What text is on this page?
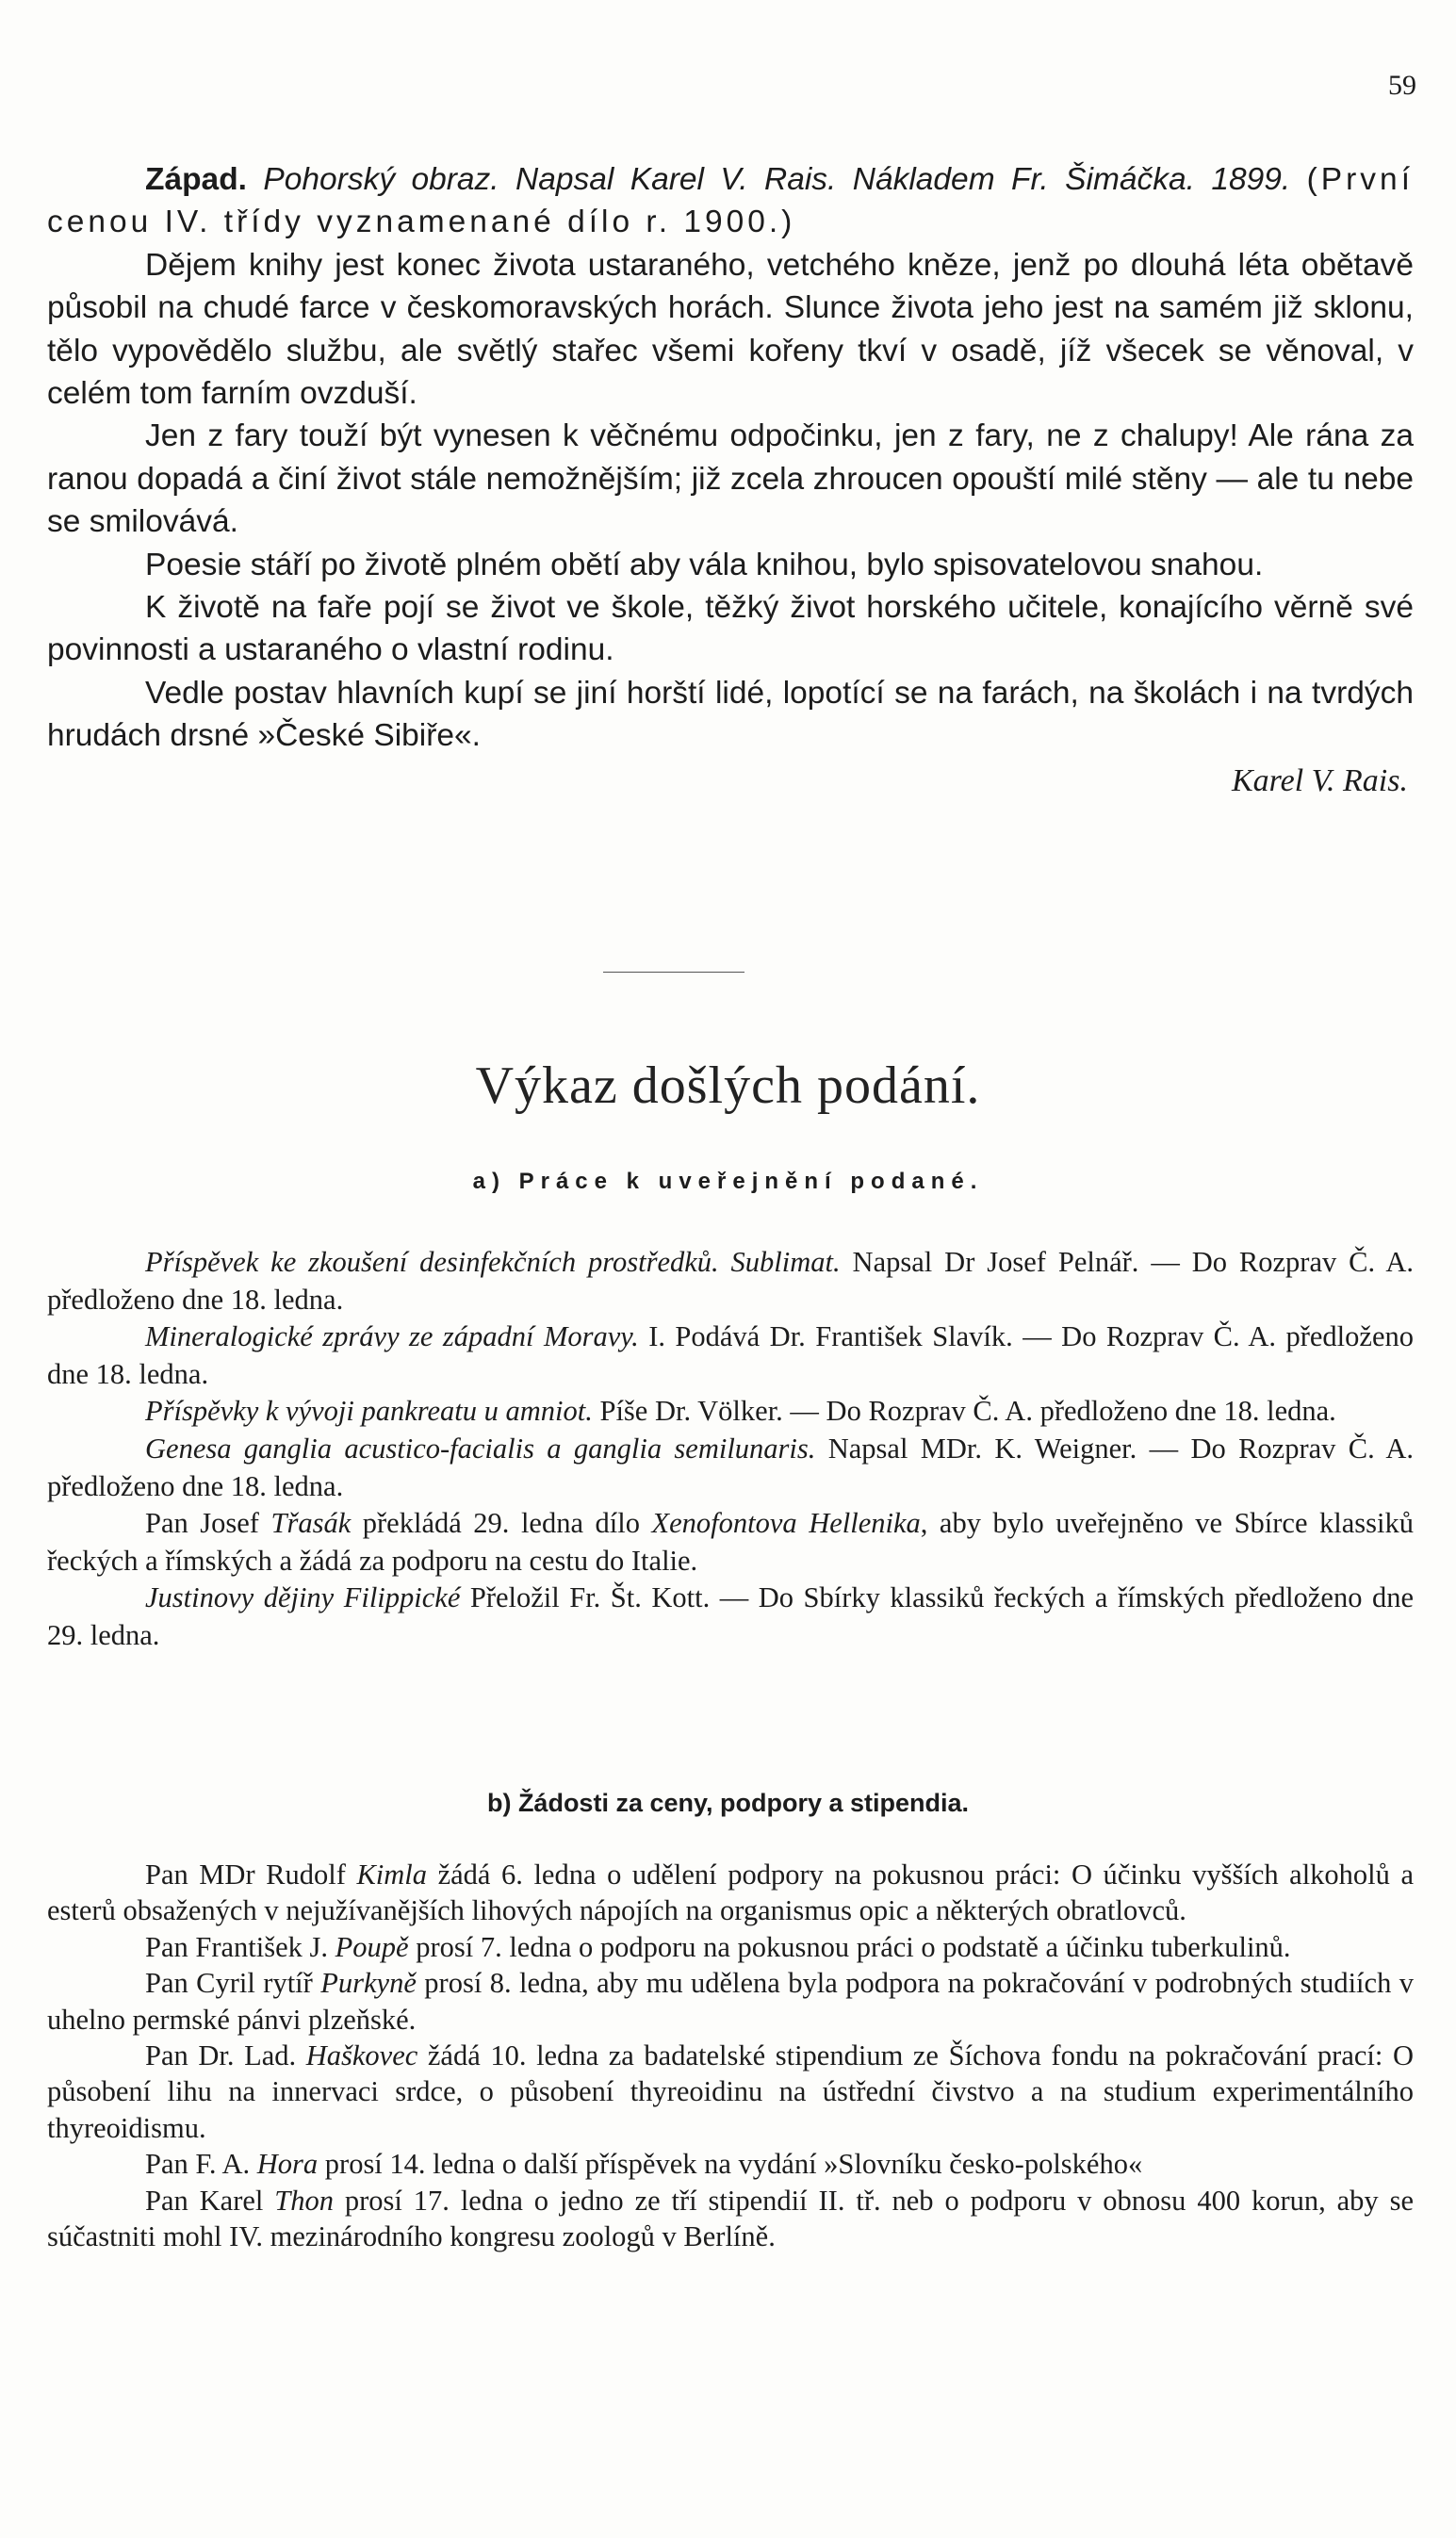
59

Západ. Pohorský obraz. Napsal Karel V. Rais. Nákladem Fr. Šimáčka. 1899. (První cenou IV. třídy vyznamenané dílo r. 1900.)

Dějem knihy jest konec života ustaraného, vetchého kněze, jenž po dlouhá léta obětavě působil na chudé farce v českomoravských horách. Slunce života jeho jest na samém již sklonu, tělo vypovědělo službu, ale světlý stařec všemi kořeny tkví v osadě, jíž všecek se věnoval, v celém tom farním ovzduší.

Jen z fary touží být vynesen k věčnému odpočinku, jen z fary, ne z chalupy! Ale rána za ranou dopadá a činí život stále nemožnějším; již zcela zhroucen opouští milé stěny — ale tu nebe se smilovává.

Poesie stáří po životě plném obětí aby vála knihou, bylo spisovatelovou snahou.

K životě na faře pojí se život ve škole, těžký život horského učitele, konajícího věrně své povinnosti a ustaraného o vlastní rodinu.

Vedle postav hlavních kupí se jiní horští lidé, lopotící se na farách, na školách i na tvrdých hrudách drsné »České Sibiře«.

Karel V. Rais.
Výkaz došlých podání.
a) Práce k uveřejnění podané.

Příspěvek ke zkoušení desinfekčních prostředků. Sublimat. Napsal Dr Josef Pelnář. — Do Rozprav Č. A. předloženo dne 18. ledna.

Mineralogické zprávy ze západní Moravy. I. Podává Dr. František Slavík. — Do Rozprav Č. A. předloženo dne 18. ledna.

Příspěvky k vývoji pankreatu u amniot. Píše Dr. Völker. — Do Rozprav Č. A. předloženo dne 18. ledna.

Genesa ganglia acustico-facialis a ganglia semilunaris. Napsal MDr. K. Weigner. — Do Rozprav Č. A. předloženo dne 18. ledna.

Pan Josef Třasák překládá 29. ledna dílo Xenofontova Hellenika, aby bylo uveřejněno ve Sbírce klassiků řeckých a římských a žádá za podporu na cestu do Italie.

Justinovy dějiny Filippické Přeložil Fr. Št. Kott. — Do Sbírky klassiků řeckých a římských předloženo dne 29. ledna.

b) Žádosti za ceny, podpory a stipendia.

Pan MDr Rudolf Kimla žádá 6. ledna o udělení podpory na pokusnou práci: O účinku vyšších alkoholů a esterů obsažených v nejužívanějších lihových nápojích na organismus opic a některých obratlovců.

Pan František J. Poupě prosí 7. ledna o podporu na pokusnou práci o podstatě a účinku tuberkulinů.

Pan Cyril rytíř Purkyně prosí 8. ledna, aby mu udělena byla podpora na pokračování v podrobných studiích v uhelno permské pánvi plzeňské.

Pan Dr. Lad. Haškovec žádá 10. ledna za badatelské stipendium ze Šíchova fondu na pokračování prací: O působení lihu na innervaci srdce, o působení thyreoidinu na ústřední čivstvo a na studium experimentálního thyreoidismu.

Pan F. A. Hora prosí 14. ledna o další příspěvek na vydání »Slovníku česko-polského«

Pan Karel Thon prosí 17. ledna o jedno ze tří stipendií II. tř. neb o podporu v obnosu 400 korun, aby se súčastniti mohl IV. mezinárodního kongresu zoologů v Berlíně.
